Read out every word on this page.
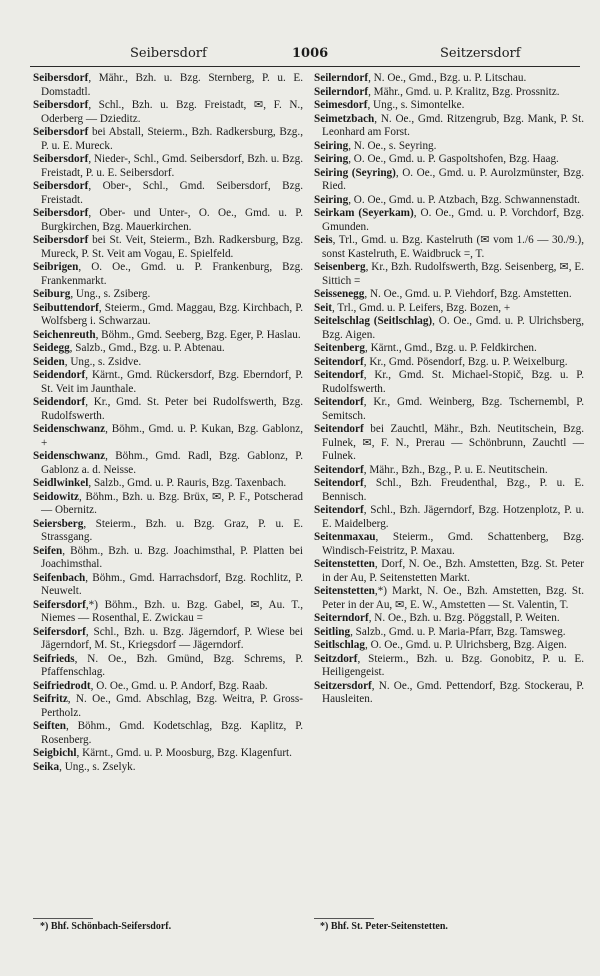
Seibersdorf	1006	Seitzersdorf
Seibersdorf, Mähr., Bzh. u. Bzg. Sternberg, P. u. E. Domstadtl.
Seibersdorf, Schl., Bzh. u. Bzg. Freistadt, ✉, F. N., Oderberg — Dzieditz.
Seibersdorf bei Abstall, Steierm., Bzh. Radkersburg, Bzg., P. u. E. Mureck.
Seibersdorf, Nieder-, Schl., Gmd. Seibersdorf, Bzh. u. Bzg. Freistadt, P. u. E. Seibersdorf.
Seibersdorf, Ober-, Schl., Gmd. Seibersdorf, Bzg. Freistadt.
Seibersdorf, Ober- und Unter-, O. Oe., Gmd. u. P. Burgkirchen, Bzg. Mauerkirchen.
Seibersdorf bei St. Veit, Steierm., Bzh. Radkersburg, Bzg. Mureck, P. St. Veit am Vogau, E. Spielfeld.
Seibrigen, O. Oe., Gmd. u. P. Frankenburg, Bzg. Frankenmarkt.
Seiburg, Ung., s. Zsiberg.
Seibuttendorf, Steierm., Gmd. Maggau, Bzg. Kirchbach, P. Wolfsberg i. Schwarzau.
Seichenreuth, Böhm., Gmd. Seeberg, Bzg. Eger, P. Haslau.
Seidegg, Salzb., Gmd., Bzg. u. P. Abtenau.
Seiden, Ung., s. Zsidve.
Seidendorf, Kärnt., Gmd. Rückersdorf, Bzg. Eberndorf, P. St. Veit im Jaunthale.
Seidendorf, Kr., Gmd. St. Peter bei Rudolfswerth, Bzg. Rudolfswerth.
Seidenschwanz, Böhm., Gmd. u. P. Kukan, Bzg. Gablonz, +
Seidenschwanz, Böhm., Gmd. Radl, Bzg. Gablonz, P. Gablonz a. d. Neisse.
Seidlwinkel, Salzb., Gmd. u. P. Rauris, Bzg. Taxenbach.
Seidowitz, Böhm., Bzh. u. Bzg. Brüx, ✉, P. F., Potscherad — Obernitz.
Seiersberg, Steierm., Bzh. u. Bzg. Graz, P. u. E. Strassgang.
Seifen, Böhm., Bzh. u. Bzg. Joachimsthal, P. Platten bei Joachimsthal.
Seifenbach, Böhm., Gmd. Harrachsdorf, Bzg. Rochlitz, P. Neuwelt.
Seifersdorf,*) Böhm., Bzh. u. Bzg. Gabel, ✉, Au. T., Niemes — Rosenthal, E. Zwickau =
Seifersdorf, Schl., Bzh. u. Bzg. Jägerndorf, P. Wiese bei Jägerndorf, M. St., Kriegsdorf — Jägerndorf.
Seifrieds, N. Oe., Bzh. Gmünd, Bzg. Schrems, P. Pfaffenschlag.
Seifriedrodt, O. Oe., Gmd. u. P. Andorf, Bzg. Raab.
Seifritz, N. Oe., Gmd. Abschlag, Bzg. Weitra, P. Gross-Pertholz.
Seiften, Böhm., Gmd. Kodetschlag, Bzg. Kaplitz, P. Rosenberg.
Seigbichl, Kärnt., Gmd. u. P. Moosburg, Bzg. Klagenfurt.
Seika, Ung., s. Zselyk.
Seilerndorf, N. Oe., Gmd., Bzg. u. P. Litschau.
Seilerndorf, Mähr., Gmd. u. P. Kralitz, Bzg. Prossnitz.
Seimesdorf, Ung., s. Simontelke.
Seimetzbach, N. Oe., Gmd. Ritzengrub, Bzg. Mank, P. St. Leonhard am Forst.
Seiring, N. Oe., s. Seyring.
Seiring, O. Oe., Gmd. u. P. Gaspoltshofen, Bzg. Haag.
Seiring (Seyring), O. Oe., Gmd. u. P. Aurolzmünster, Bzg. Ried.
Seiring, O. Oe., Gmd. u. P. Atzbach, Bzg. Schwannenstadt.
Seirkam (Seyerkam), O. Oe., Gmd. u. P. Vorchdorf, Bzg. Gmunden.
Seis, Trl., Gmd. u. Bzg. Kastelruth (✉ vom 1./6 — 30./9.), sonst Kastelruth, E. Waidbruck =, T.
Seisenberg, Kr., Bzh. Rudolfswerth, Bzg. Seisenberg, ✉, E. Sittich =
Seissenegg, N. Oe., Gmd. u. P. Viehdorf, Bzg. Amstetten.
Seit, Trl., Gmd. u. P. Leifers, Bzg. Bozen, +
Seitelschlag (Seitlschlag), O. Oe., Gmd. u. P. Ulrichsberg, Bzg. Aigen.
Seitenberg, Kärnt., Gmd., Bzg. u. P. Feldkirchen.
Seitendorf, Kr., Gmd. Pösendorf, Bzg. u. P. Weixelburg.
Seitendorf, Kr., Gmd. St. Michael-Stopič, Bzg. u. P. Rudolfswerth.
Seitendorf, Kr., Gmd. Weinberg, Bzg. Tschernembl, P. Semitsch.
Seitendorf bei Zauchtl, Mähr., Bzh. Neutitschein, Bzg. Fulnek, ✉, F. N., Prerau — Schönbrunn, Zauchtl — Fulnek.
Seitendorf, Mähr., Bzh., Bzg., P. u. E. Neutitschein.
Seitendorf, Schl., Bzh. Freudenthal, Bzg., P. u. E. Bennisch.
Seitendorf, Schl., Bzh. Jägerndorf, Bzg. Hotzenplotz, P. u. E. Maidelberg.
Seitenmaxau, Steierm., Gmd. Schattenberg, Bzg. Windisch-Feistritz, P. Maxau.
Seitenstetten, Dorf, N. Oe., Bzh. Amstetten, Bzg. St. Peter in der Au, P. Seitenstetten Markt.
Seitenstetten,*) Markt, N. Oe., Bzh. Amstetten, Bzg. St. Peter in der Au, ✉, E. W., Amstetten — St. Valentin, T.
Seiterndorf, N. Oe., Bzh. u. Bzg. Pöggstall, P. Weiten.
Seitling, Salzb., Gmd. u. P. Maria-Pfarr, Bzg. Tamsweg.
Seitlschlag, O. Oe., Gmd. u. P. Ulrichsberg, Bzg. Aigen.
Seitzdorf, Steierm., Bzh. u. Bzg. Gonobitz, P. u. E. Heiligengeist.
Seitzersdorf, N. Oe., Gmd. Pettendorf, Bzg. Stockerau, P. Hausleiten.
*) Bhf. Schönbach-Seifersdorf.	*) Bhf. St. Peter-Seitenstetten.
